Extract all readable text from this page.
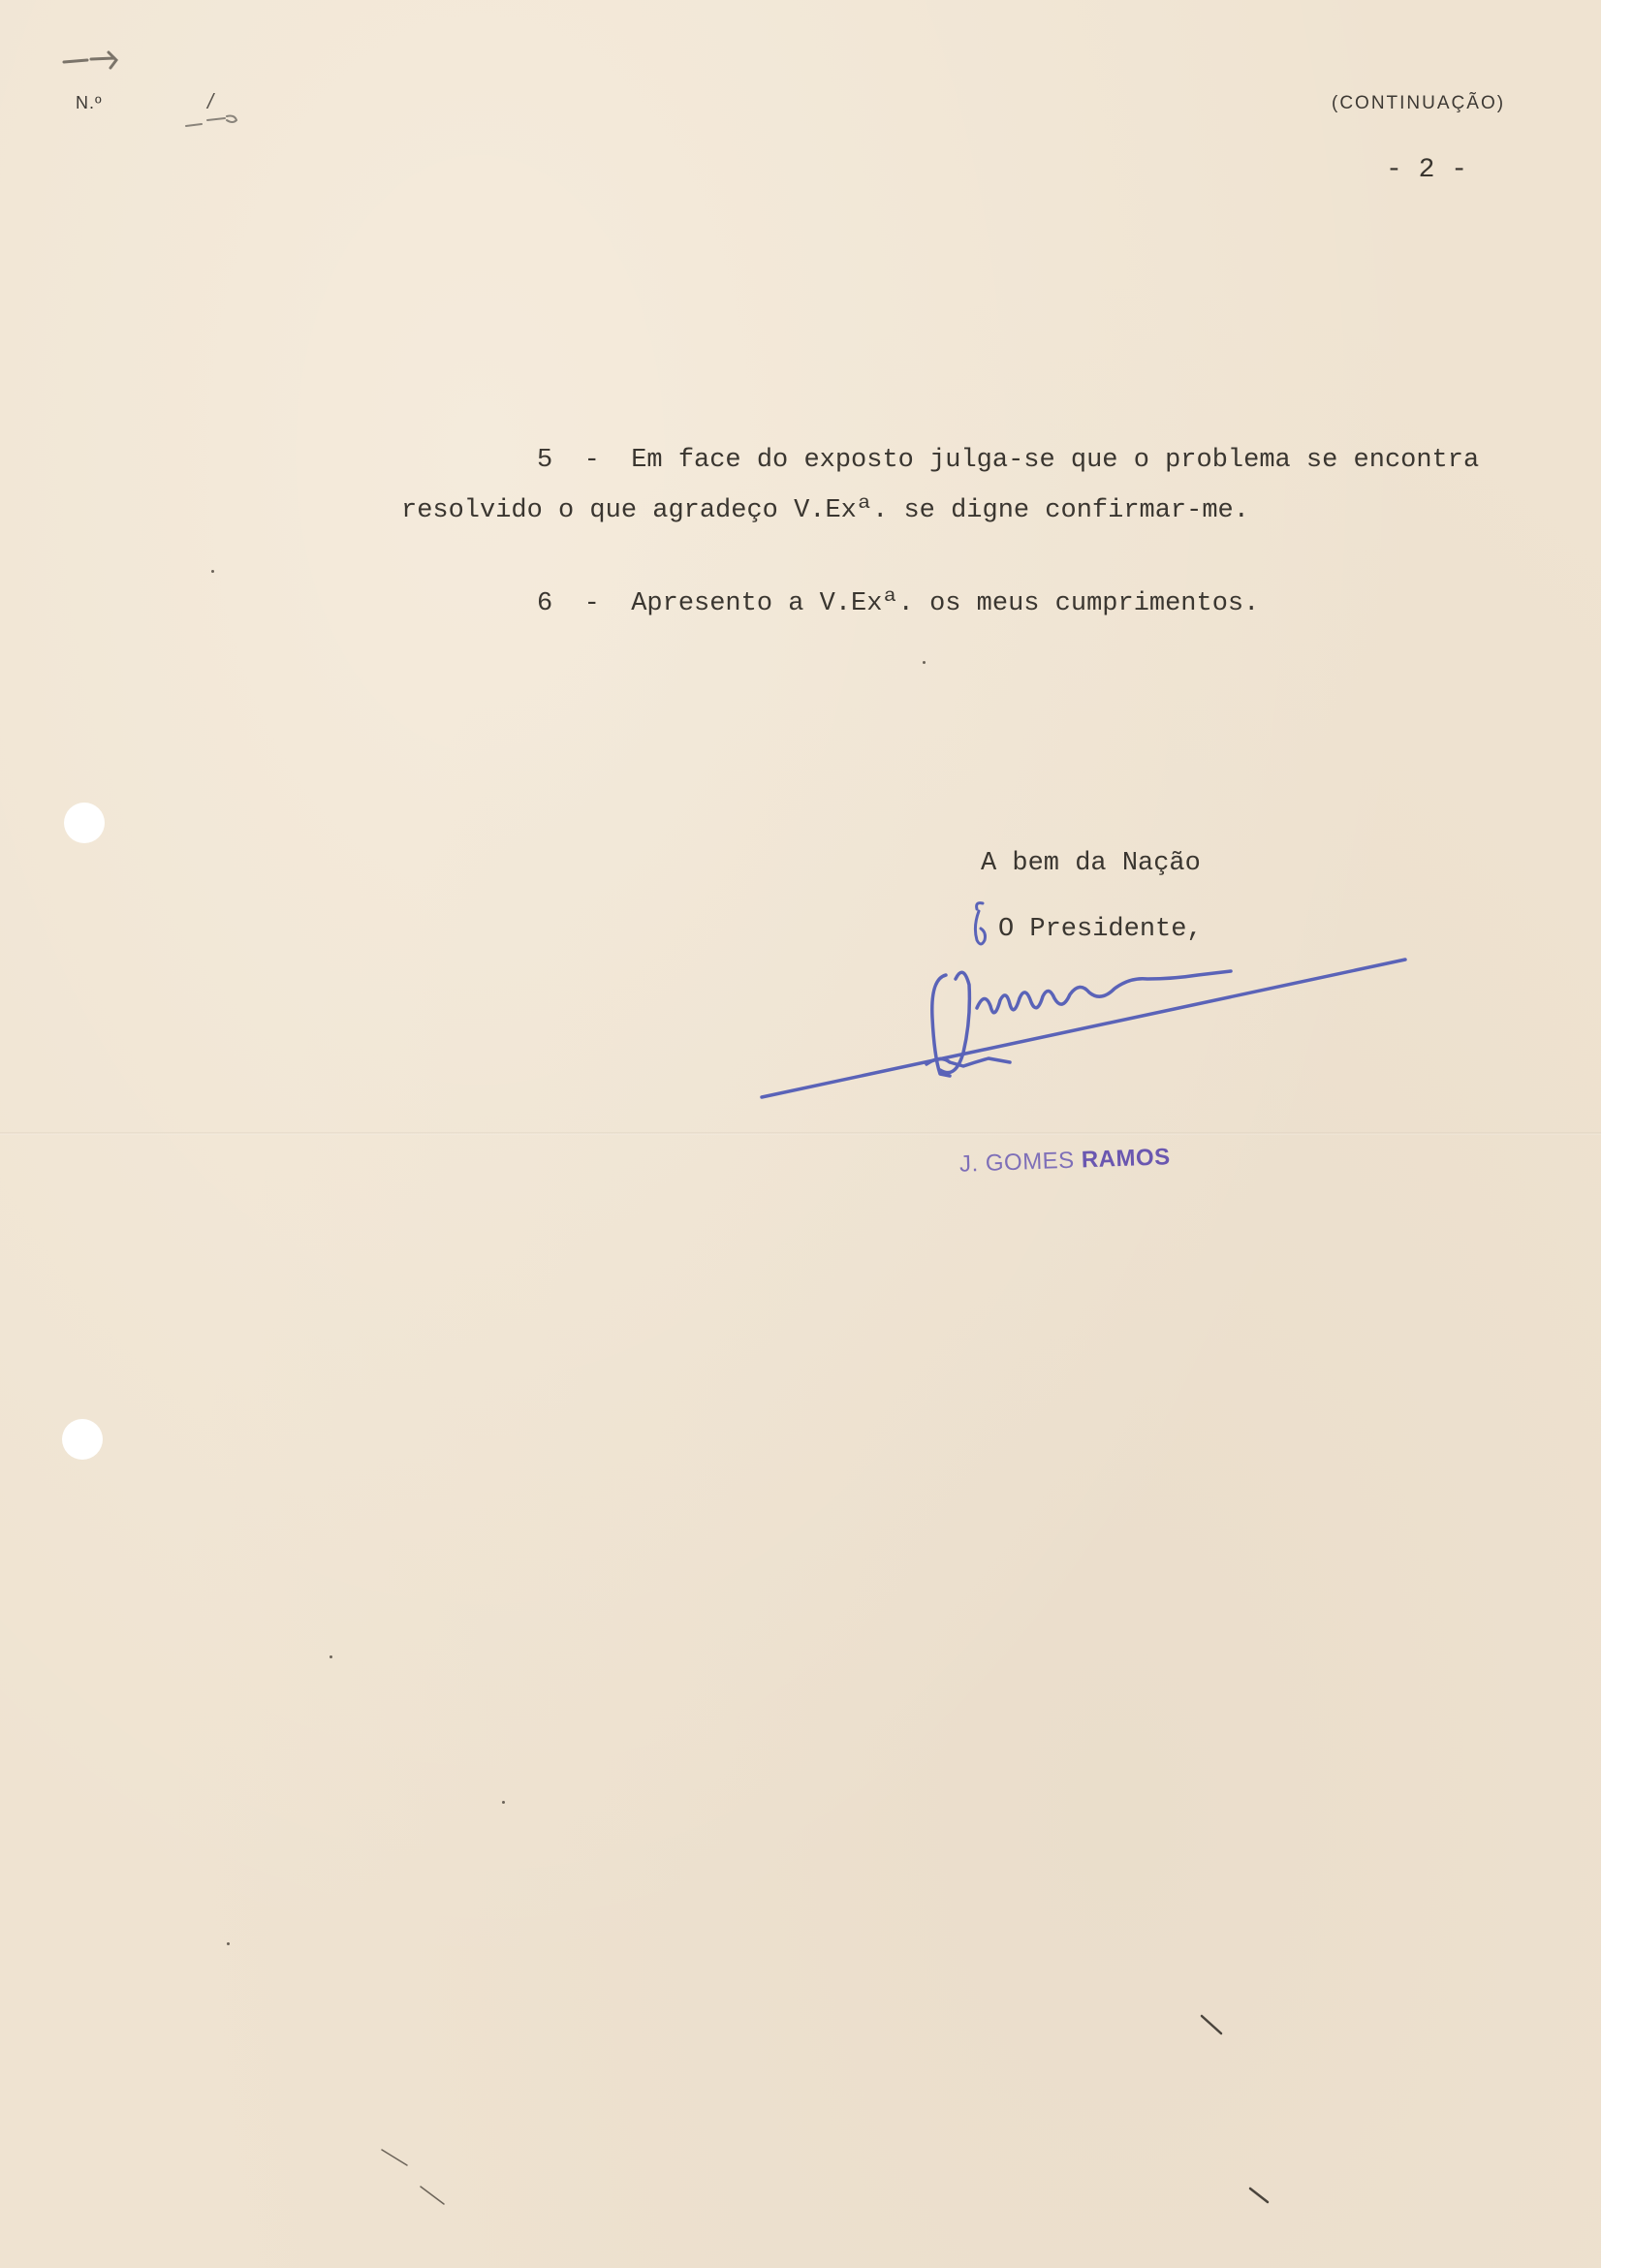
N.º	/	(CONTINUAÇÃO)

- 2 -

5  -  Em face do exposto julga-se que o problema se encontra

resolvido o que agradeço V.Exª. se digne confirmar-me.

6  -  Apresento a V.Exª. os meus cumprimentos.

A bem da Nação

O Presidente,

J. GOMES RAMOS
